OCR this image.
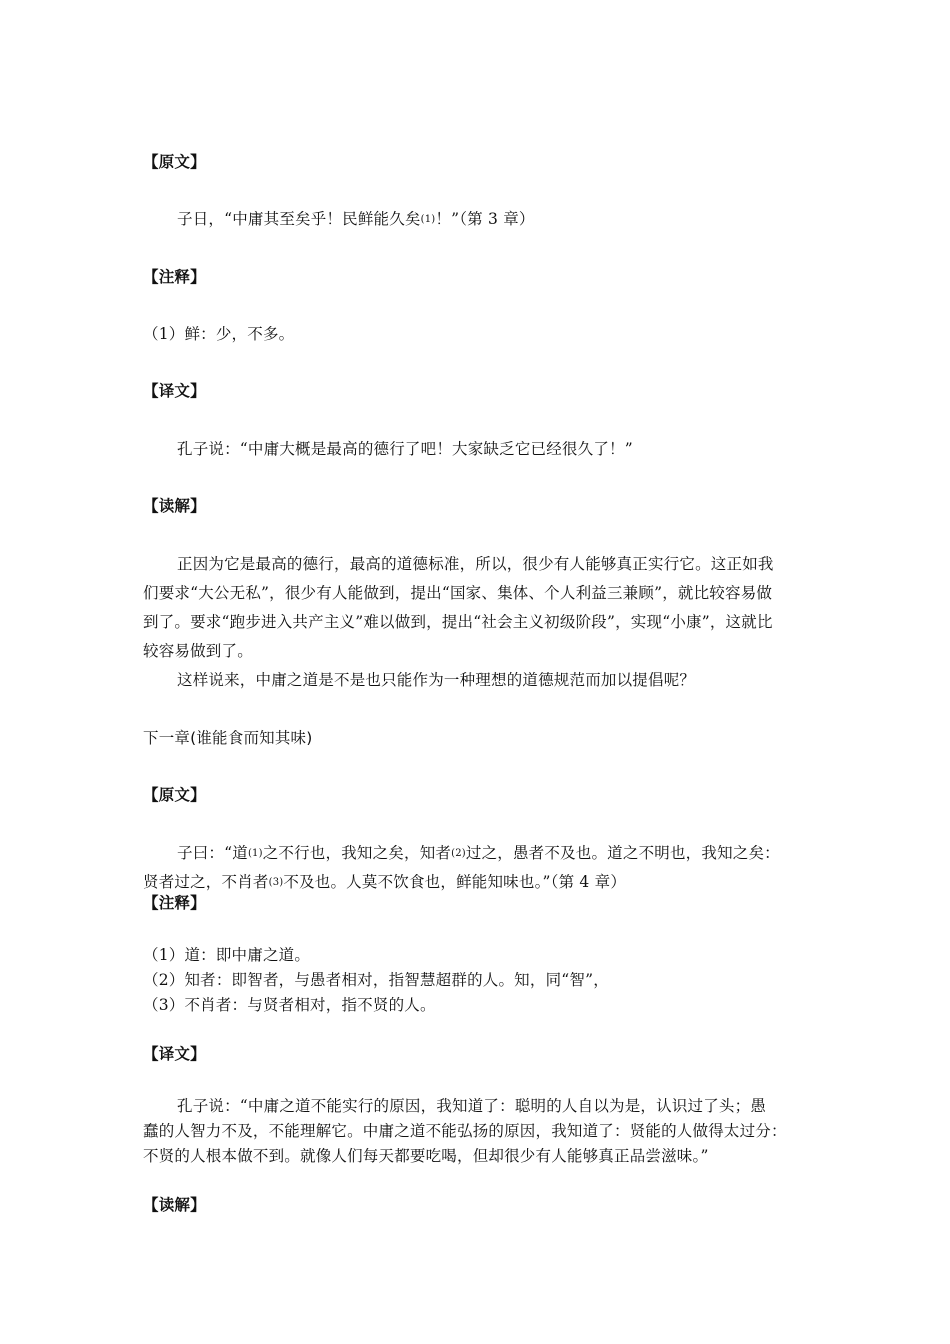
【原文】
子日，“中庸其至矣乎！民鲜能久矣(1)！”（第 3 章）
【注释】
（1）鲜：少，不多。
【译文】
孔子说：“中庸大概是最高的德行了吧！大家缺乏它已经很久了！”
【读解】
正因为它是最高的德行，最高的道德标准，所以，很少有人能够真正实行它。这正如我
们要求“大公无私”，很少有人能做到，提出“国家、集体、个人利益三兼顾”，就比较容易做
到了。要求“跑步进入共产主义”难以做到，提出“社会主义初级阶段”，实现“小康”，这就比
较容易做到了。
这样说来，中庸之道是不是也只能作为一种理想的道德规范而加以提倡呢？
下一章(谁能食而知其味)
【原文】
子曰：“道(1)之不行也，我知之矣，知者(2)过之，愚者不及也。道之不明也，我知之矣：
贤者过之，不肖者(3)不及也。人莫不饮食也，鲜能知味也。”（第 4 章）
【注释】
（1）道：即中庸之道。
（2）知者：即智者，与愚者相对，指智慧超群的人。知，同“智”，
（3）不肖者：与贤者相对，指不贤的人。
【译文】
孔子说：“中庸之道不能实行的原因，我知道了：聪明的人自以为是，认识过了头；愚
蠢的人智力不及，不能理解它。中庸之道不能弘扬的原因，我知道了：贤能的人做得太过分：
不贤的人根本做不到。就像人们每天都要吃喝，但却很少有人能够真正品尝滋味。”
【读解】
